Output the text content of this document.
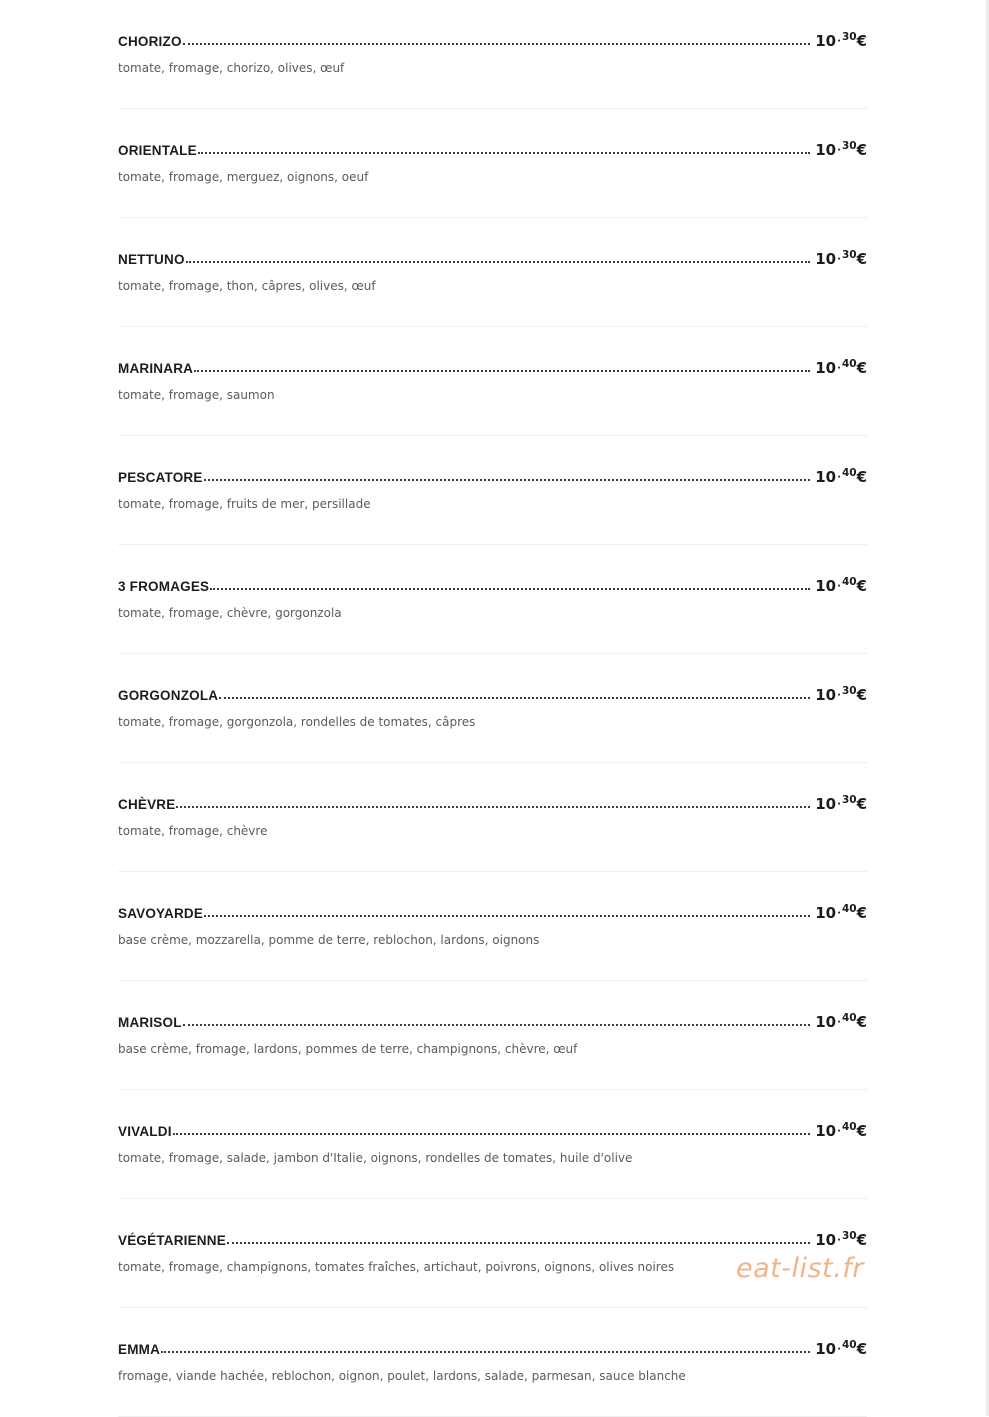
CHORIZO	10·30€
tomate, fromage, chorizo, olives, œuf
ORIENTALE	10·30€
tomate, fromage, merguez, oignons, oeuf
NETTUNO	10·30€
tomate, fromage, thon, câpres, olives, œuf
MARINARA	10·40€
tomate, fromage, saumon
PESCATORE	10·40€
tomate, fromage, fruits de mer, persillade
3 FROMAGES	10·40€
tomate, fromage, chèvre, gorgonzola
GORGONZOLA	10·30€
tomate, fromage, gorgonzola, rondelles de tomates, câpres
CHÈVRE	10·30€
tomate, fromage, chèvre
SAVOYARDE	10·40€
base crème, mozzarella, pomme de terre, reblochon, lardons, oignons
MARISOL	10·40€
base crème, fromage, lardons, pommes de terre, champignons, chèvre, œuf
VIVALDI	10·40€
tomate, fromage, salade, jambon d'Italie, oignons, rondelles de tomates, huile d'olive
VÉGÉTARIENNE	10·30€
tomate, fromage, champignons, tomates fraîches, artichaut, poivrons, oignons, olives noires
EMMA	10·40€
fromage, viande hachée, reblochon, oignon, poulet, lardons, salade, parmesan, sauce blanche
eat-list.fr
